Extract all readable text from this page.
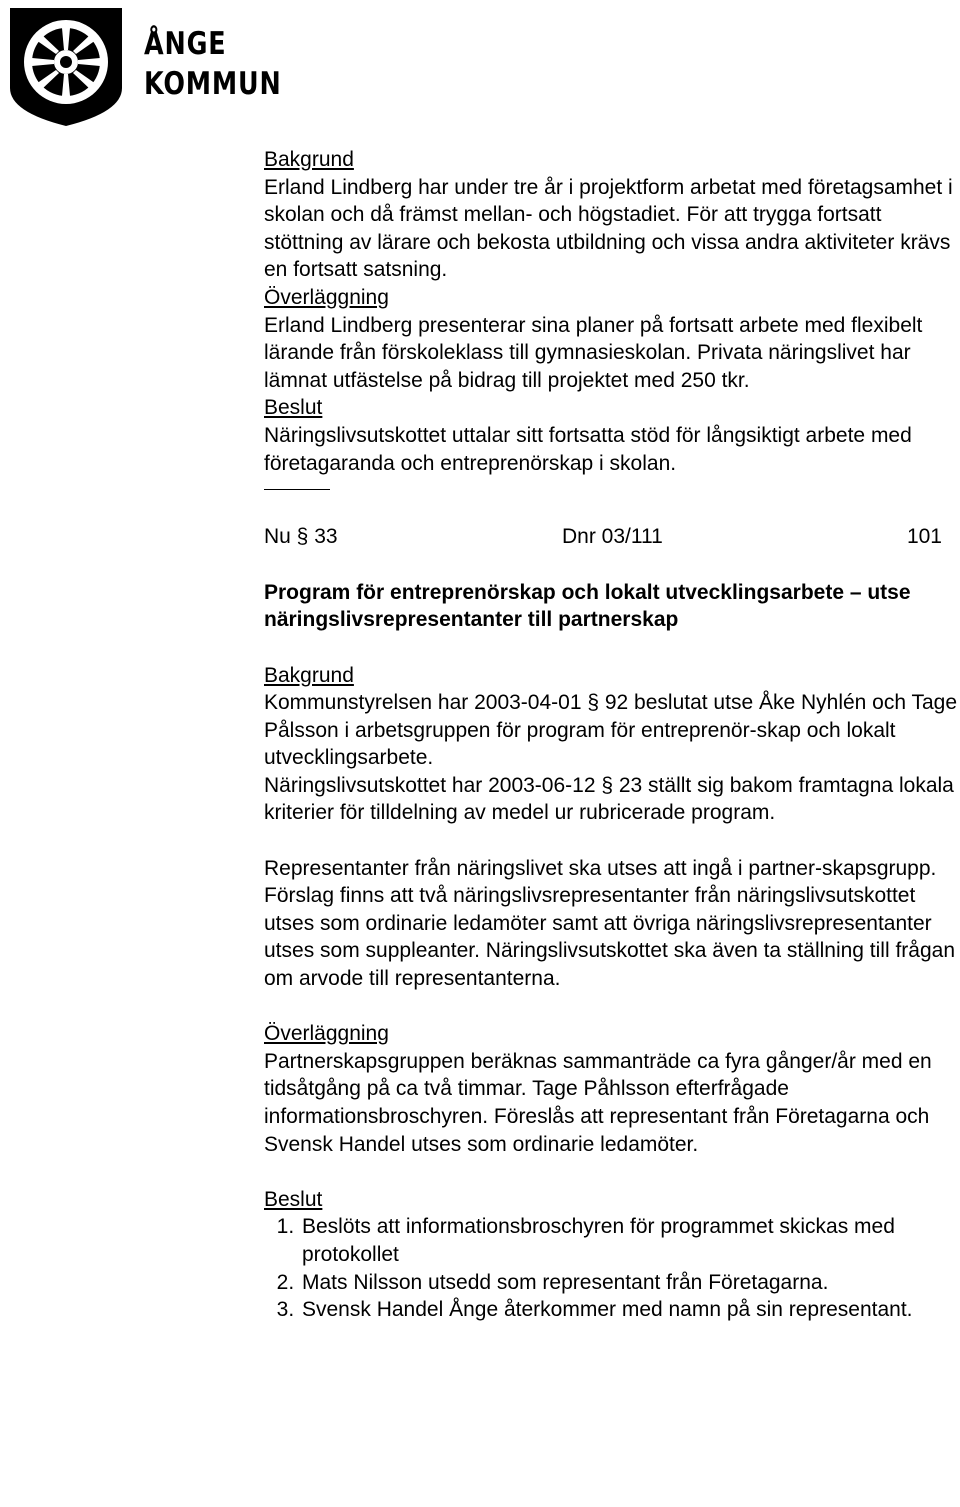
ÅNGE
KOMMUN
Bakgrund

Erland Lindberg har under tre år i projektform arbetat med företagsamhet i skolan och då främst mellan- och högstadiet. För att trygga fortsatt stöttning av lärare och bekosta utbildning och vissa andra aktiviteter krävs en fortsatt satsning.

Överläggning

Erland Lindberg presenterar sina planer på fortsatt arbete med flexibelt lärande från förskoleklass till gymnasieskolan. Privata näringslivet har lämnat utfästelse på bidrag till projektet med 250 tkr.

Beslut

Näringslivsutskottet uttalar sitt fortsatta stöd för långsiktigt arbete med företagaranda och entreprenörskap i skolan.

Nu § 33	Dnr 03/111	101

Program för entreprenörskap och lokalt utvecklingsarbete – utse näringslivsrepresentanter till partnerskap

Bakgrund

Kommunstyrelsen har 2003-04-01 § 92 beslutat utse Åke Nyhlén och Tage Pålsson i arbetsgruppen för program för entreprenör-skap och lokalt utvecklingsarbete.

Näringslivsutskottet har 2003-06-12 § 23 ställt sig bakom framtagna lokala kriterier för tilldelning av medel ur rubricerade program.

Representanter från näringslivet ska utses att ingå i partner-skapsgrupp. Förslag finns att två näringslivsrepresentanter från näringslivsutskottet utses som ordinarie ledamöter samt att övriga näringslivsrepresentanter utses som suppleanter. Näringslivsutskottet ska även ta ställning till frågan om arvode till representanterna.

Överläggning

Partnerskapsgruppen beräknas sammanträde ca fyra gånger/år med en tidsåtgång på ca två timmar. Tage Påhlsson efterfrågade informationsbroschyren. Föreslås att representant från Företagarna och Svensk Handel utses som ordinarie ledamöter.

Beslut
1. Beslöts att informationsbroschyren för programmet skickas med protokollet
2. Mats Nilsson utsedd som representant från Företagarna.
3. Svensk Handel Ånge återkommer med namn på sin representant.
